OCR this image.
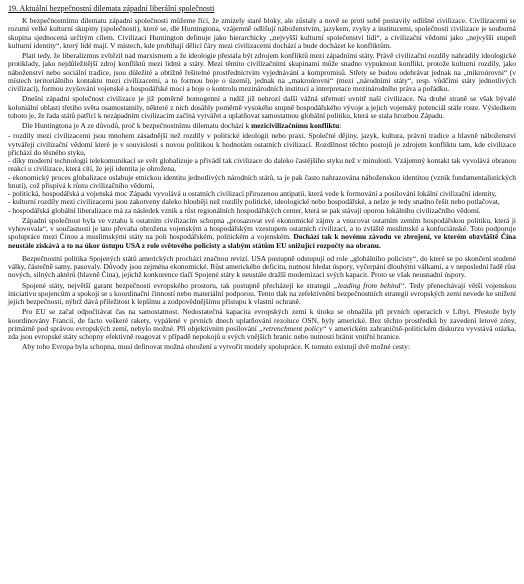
19. Aktuální bezpečnostní dilemata západní liberální společnosti

K bezpečnostnímu dilematu západní společnosti můžeme říci, že zmizely staré bloky, ale zůstaly a nově se proti sobě postavily odlišné civilizace. Civilizacemi se rozumí velké kulturní skupiny (společnosti), které se, dle Huntingtona, vzájemně odlišují náboženstvím, jazykem, zvyky a institucemi, společností civilizace je souborná skupina sjednocená určitým cílem. Civilizaci Huntington definuje jako hierarchicky „nejvyšší kulturní společenství lidí“, a civilizační vědomí jako „nejvyšší stupeň kulturní identity“, který lidé mají. V místech, kde probíhají dělicí čáry mezi civilizacemi dochází a bude docházet ke konfliktům.

Platí tedy, že liberalizmus zvítězil nad marxismem a že ideologie přestala být zdrojem konfliktů mezi západními státy. Právě civilizační rozdíly nahradily ideologické protiklady, jako nejdůležitější zdroj konfliktů mezi lidmi a státy. Mezi těmito civilizačními skupinami může snadno vypuknout konflikt, protože kulturní rozdíly, jako náboženství nebo sociální tradice, jsou důležité a obtížně řešitelné prostředníctvím vyjednávání a kompromisů. Střety se budou odehrávat jednak na „mikroúrovni“ (v místech teritoriálního kontaktu mezi civilizacemi, a to formou boje o území), jednak na „makroúrovni“ (mezi „národními státy“, resp. vůdčími státy jednotlivých civilizací), formou zvyšování vojenské a hospodářské moci a boje o kontrolu mezinárodních institucí a interpretace mezinárodního práva a pořádku.

Dnešní západní společnost civilizace je již poměrně homogenní a tudíž již nehrozí další vážná střetnutí uvnitř naší civilizace. Na druhé straně se však bývalé koloniální oblasti třetího světa osamostatnily, některé z nich dosáhly poměrně vysokého stupně hospodářského vývoje a jejich vojenský potenciál stále roste. Výsledkem tohoto je, že řada států patřící k nezápadním civilizacím začíná vytvářet a uplatňovat samostatnou globální politiku, která se stala hrozbou Západu.

Dle Huntingtona je A ze důvodů, proč k bezpečnostnímu dilematu dochází k mezicivilizačnímu konfliktu:

- rozdíly mezi civilizacemi jsou mnohem zásadnější než rozdíly v politické ideologii nebo praxi. Společné dějiny, jazyk, kultura, právní tradice a hlavně náboženství vytvářejí civilizační vědomí které je v souvislosti s novou politikou k hodnotám ostatních civilizací. Rozdílnost těchto postojů je zdrojem konfliktu tam, kde civilizace přichází do těsného styku,
- díky moderní technologii telekomunikací se svět globalizuje a přivádí tak civilizace do daleko častějšího styku než v minulosti. Vzájemný kontakt tak vyvolává obranou reakci u civilizace, která cítí, že její identita je ohrožena,
- ekonomický proces globalizace oslabuje etnickou identitu jednotlivých národních států, ta je pak často nahrazována náboženskou identitou (vznik fundamentalistických hnutí), což přispívá k růstu civilizačního vědomí,
- politická, hospodářská a vojenská moc Západu vyvolává u ostatních civilizací přirozenou antipatii, která vede k formování a posilování lokální civilizační identity,
- kulturní rozdíly mezi civilizacemi jsou zakotveny daleko hlouběji než rozdíly politické, ideologické nebo hospodářské, a nelze je tedy snadno řešit nebo potlačovat,
- hospodářská globální liberalizace má za následek vznik a růst regionálních hospodářských center, která se pak stávají oporou lokálního civilizačního vědomí.

Západní společnost byla ve vztahu k ostatním civilizacím schopna „prosazovat své ekonomické zájmy a vnucovat ostatním zemím hospodářskou politiku, která ji vyhovovala“, v současnosti je tato převaha ohrožena vojenským a hospodářským vzestupem ostatních civilizací, a to zvláště muslimské a konfuciánské. Toto podporuje spolupráce mezi Čínou a muslimskými státy na poli hospodářském, politickém a vojenském. Dochází tak k novému závodu ve zbrojení, ve kterém obzvláště Čína neustále získává a to na úkor ústupu USA z role světového policisty a slabým státům EU snižující rozpočty na obranu.

Bezpečnostní politika Spojených států amerických prochází značnou revizí. USA postupně odstupují od role „globálního policisty“, do které se po skončení studené války, částečně samy, pasovaly. Důvody jsou zejména ekonomické. Růst amerického deficitu, nutnost hledat úspory, vyčerpání dlouhými válkami, a v neposlední řadě růst nových, silných aktérů (hlavně Čína), jejichž konkurence tlačí Spojené státy k neustále dražší modernizaci svých kapacit. Proto se však neusnadní úspory.

Spojené státy, největší garant bezpečnosti evropského prostoru, tak postupně přecházejí ke strategii „leading from behind“. Tedy přenechávají větší vojenskou iniciativu spojencům a spokojí se s koordinační činností nebo materiální podporou. Tento tlak na zefektivnění bezpečnostních strategií evropských zemí nevede ke snížení jejich bezpečnosti, nýbrž dává příležitost k lepšímu a zodpovědnějšímu přístupu k vlastní ochraně.

Pro EU se začal odpočítávat čas na samostatnost. Nedostatečná kapacita evropských zemí k útoku se obnažila při prvních operacích v Libyi. Přestože byly koordinovány Francií, de facto veškeré rakety, vypálené v prvních dnech uplatňování rezoluce OSN, byly americké. Bez těchto prostředků by zavedení letové zóny, primárně pod správou evropských zemí, nebylo možné. Při objektivním posílování „retrenchment policy“ v americkém zahraničně-politickém diskurzu vyvstává otázka, zda jsou evropské státy schopny efektivně reagovat v případě nepokojů u svých vnějších hranic nebo nutnosti bránit vnitřní hranice.

Aby toho Evropa byla schopna, musí definovat možná ohrožení a vytvořit modely spolupráce. K tomuto existují dvě možné cesty:
